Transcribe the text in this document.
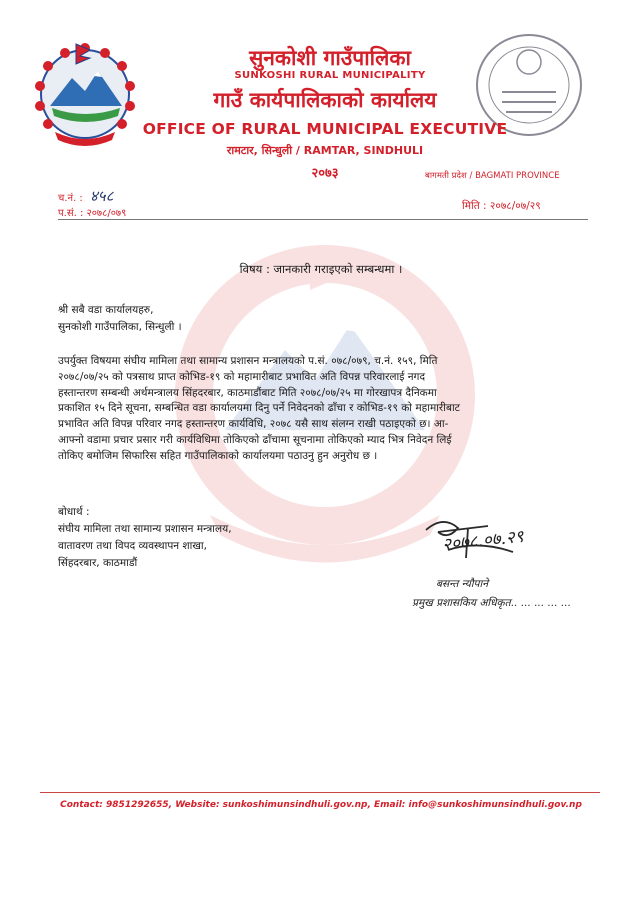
सुनकोशी गाउँपालिका
SUNKOSHI RURAL MUNICIPALITY
गाउँ कार्यपालिकाको कार्यालय
OFFICE OF RURAL MUNICIPAL EXECUTIVE
रामटार, सिन्धुली / RAMTAR, SINDHULI
२०७३	बागमती प्रदेश / BAGMATI PROVINCE
च.नं. : ४५८
प.सं. : २०७८/०७९
मिति : २०७८/०७/२९
विषय : जानकारी गराइएको सम्बन्धमा ।
श्री सबै वडा कार्यालयहरु,
सुनकोशी गाउँपालिका, सिन्धुली ।
उपर्युक्त विषयमा संघीय मामिला तथा सामान्य प्रशासन मन्त्रालयको प.सं. ०७८/०७९, च.नं. १५९, मिति
२०७८/०७/२५ को पत्रसाथ प्राप्त कोभिड-१९ को महामारीबाट प्रभावित अति विपन्न परिवारलाई नगद
हस्तान्तरण सम्बन्धी अर्थमन्त्रालय सिंहदरबार, काठमाडौंबाट मिति २०७८/०७/२५ मा गोरखापत्र दैनिकमा
प्रकाशित १५ दिने सूचना, सम्बन्धित वडा कार्यालयमा दिनु पर्ने निवेदनको ढाँचा र कोभिड-१९ को महामारीबाट
प्रभावित अति विपन्न परिवार नगद हस्तान्तरण कार्यविधि, २०७८ यसै साथ संलग्न राखी पठाइएको छ। आ-
आफ्नो वडामा प्रचार प्रसार गरी कार्यविधिमा तोकिएको ढाँचामा सूचनामा तोकिएको म्याद भित्र निवेदन लिई
तोकिए बमोजिम सिफारिस सहित गाउँपालिकाको कार्यालयमा पठाउनु हुन अनुरोध छ ।
बोधार्थ :
संघीय मामिला तथा सामान्य प्रशासन मन्त्रालय,
वातावरण तथा विपद व्यवस्थापन शाखा,
सिंहदरबार, काठमाडौं
२०७८.०७.२९
बसन्त न्यौपाने
प्रमुख प्रशासकिय अधिकृत.. ... ... ... ...
Contact: 9851292655, Website: sunkoshimunsindhuli.gov.np, Email: info@sunkoshimunsindhuli.gov.np
